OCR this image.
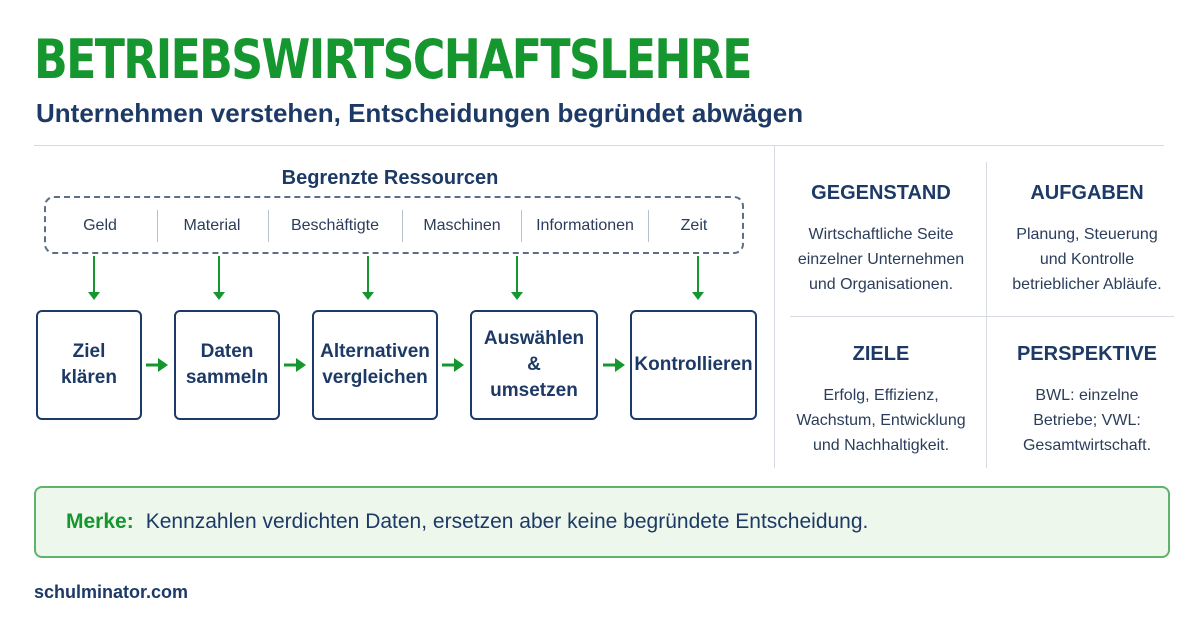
BETRIEBSWIRTSCHAFTSLEHRE
Unternehmen verstehen, Entscheidungen begründet abwägen
Begrenzte Ressourcen
Geld	Material	Beschäftigte	Maschinen	Informationen	Zeit
Ziel
klären
Daten
sammeln
Alternativen
vergleichen
Auswählen &
umsetzen
Kontrollieren
GEGENSTAND
Wirtschaftliche Seite
einzelner Unternehmen
und Organisationen.
AUFGABEN
Planung, Steuerung
und Kontrolle
betrieblicher Abläufe.
ZIELE
Erfolg, Effizienz,
Wachstum, Entwicklung
und Nachhaltigkeit.
PERSPEKTIVE
BWL: einzelne
Betriebe; VWL:
Gesamtwirtschaft.
Merke: Kennzahlen verdichten Daten, ersetzen aber keine begründete Entscheidung.
schulminator.com
